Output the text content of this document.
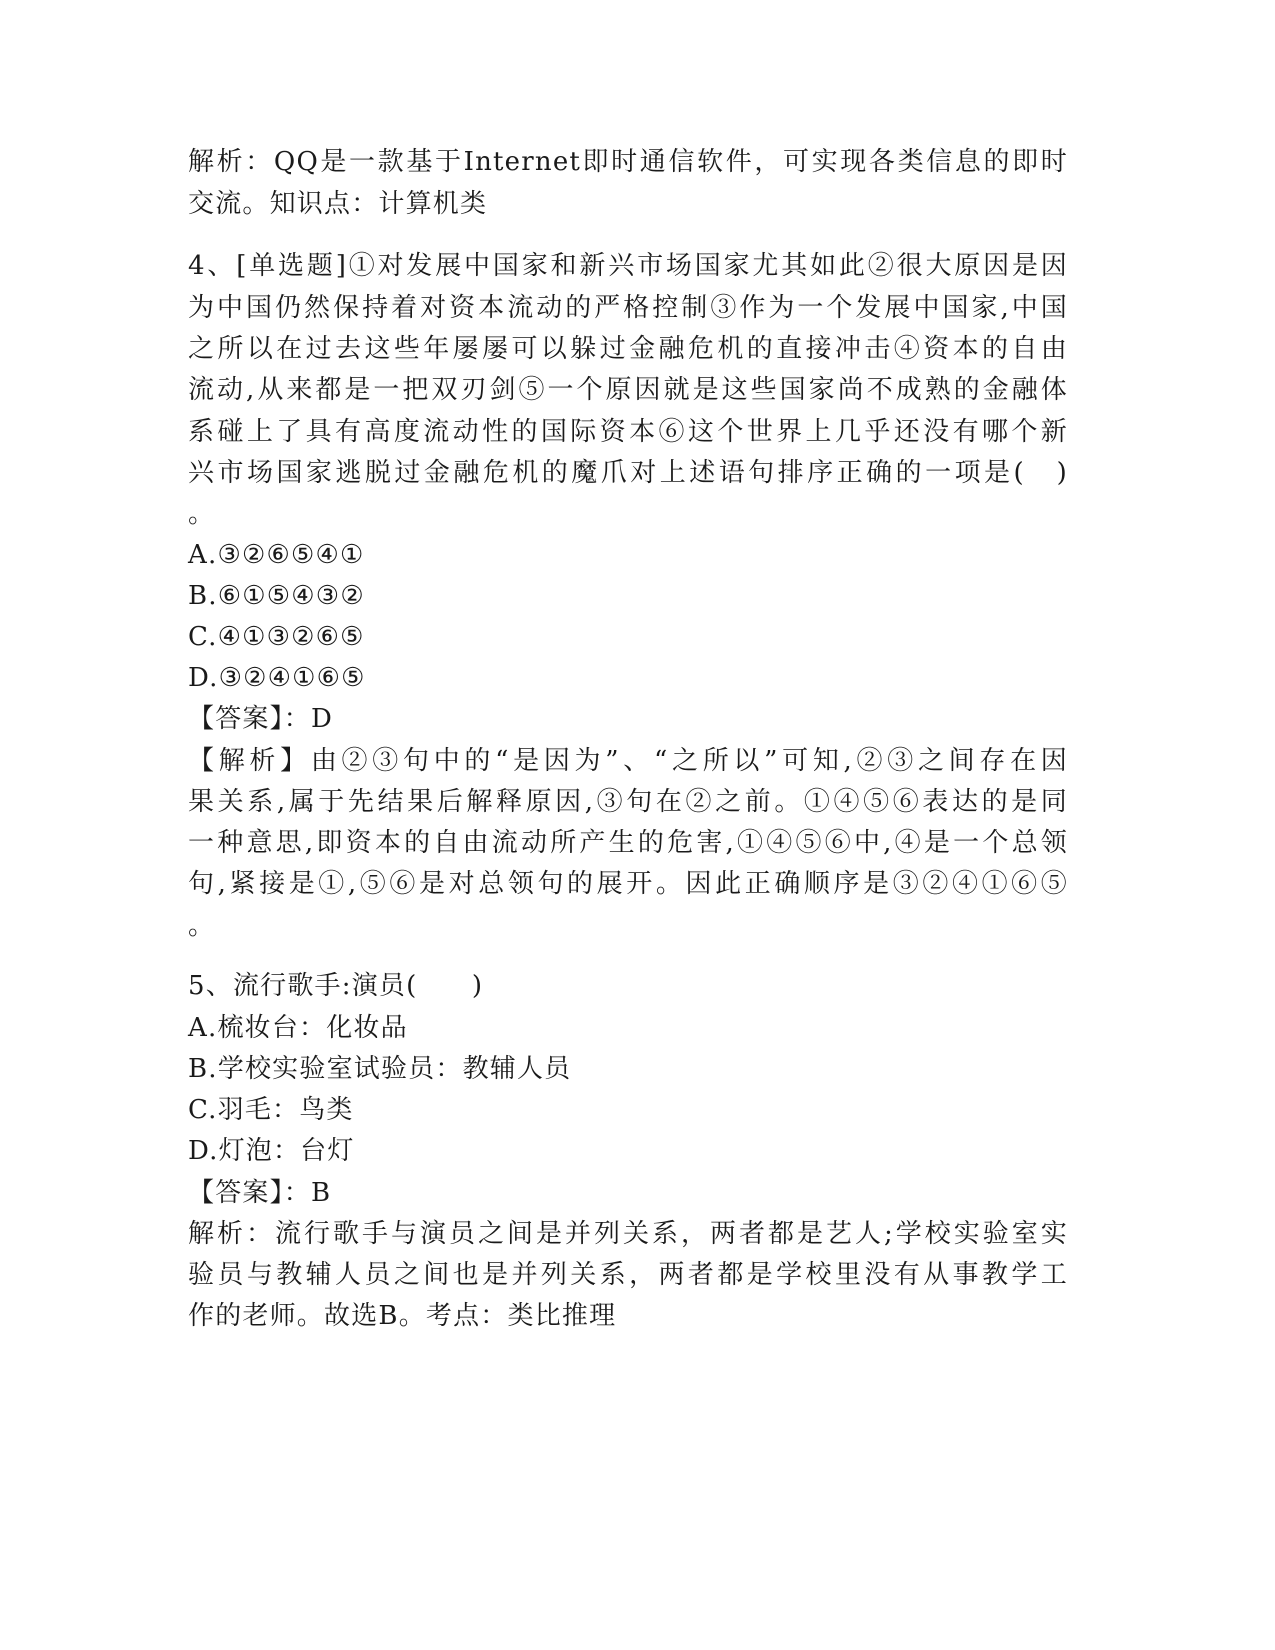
解析：QQ是一款基于Internet即时通信软件，可实现各类信息的即时
交流。知识点：计算机类
4、[单选题]①对发展中国家和新兴市场国家尤其如此②很大原因是因
为中国仍然保持着对资本流动的严格控制③作为一个发展中国家,中国
之所以在过去这些年屡屡可以躲过金融危机的直接冲击④资本的自由
流动,从来都是一把双刃剑⑤一个原因就是这些国家尚不成熟的金融体
系碰上了具有高度流动性的国际资本⑥这个世界上几乎还没有哪个新
兴市场国家逃脱过金融危机的魔爪对上述语句排序正确的一项是(　)
。
A.③②⑥⑤④①
B.⑥①⑤④③②
C.④①③②⑥⑤
D.③②④①⑥⑤
【答案】：D
【解析】由②③句中的“是因为”、“之所以”可知,②③之间存在因
果关系,属于先结果后解释原因,③句在②之前。①④⑤⑥表达的是同
一种意思,即资本的自由流动所产生的危害,①④⑤⑥中,④是一个总领
句,紧接是①,⑤⑥是对总领句的展开。因此正确顺序是③②④①⑥⑤
。
5、流行歌手:演员(　　)
A.梳妆台：化妆品
B.学校实验室试验员：教辅人员
C.羽毛：鸟类
D.灯泡：台灯
【答案】：B
解析：流行歌手与演员之间是并列关系，两者都是艺人;学校实验室实
验员与教辅人员之间也是并列关系，两者都是学校里没有从事教学工
作的老师。故选B。考点：类比推理
